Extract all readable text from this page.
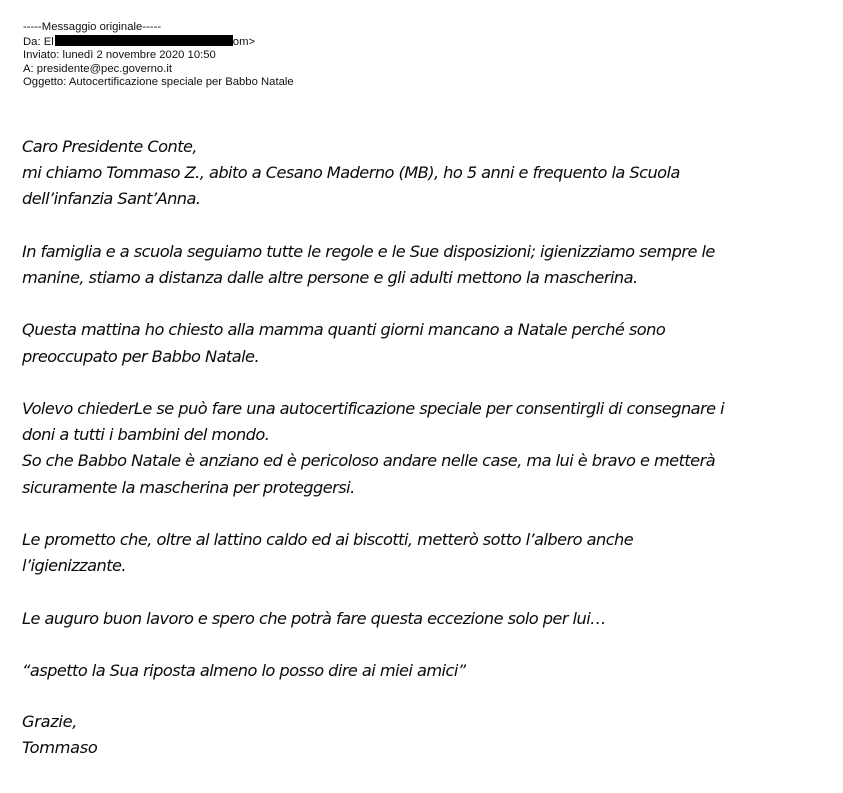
-----Messaggio originale-----
Da: El	om>
Inviato: lunedì 2 novembre 2020 10:50
A: presidente@pec.governo.it
Oggetto: Autocertificazione speciale per Babbo Natale

Caro Presidente Conte,
mi chiamo Tommaso Z., abito a Cesano Maderno (MB), ho 5 anni e frequento la Scuola
dell’infanzia Sant’Anna.

In famiglia e a scuola seguiamo tutte le regole e le Sue disposizioni; igienizziamo sempre le
manine, stiamo a distanza dalle altre persone e gli adulti mettono la mascherina.

Questa mattina ho chiesto alla mamma quanti giorni mancano a Natale perché sono
preoccupato per Babbo Natale.

Volevo chiederLe se può fare una autocertificazione speciale per consentirgli di consegnare i
doni a tutti i bambini del mondo.
So che Babbo Natale è anziano ed è pericoloso andare nelle case, ma lui è bravo e metterà
sicuramente la mascherina per proteggersi.

Le prometto che, oltre al lattino caldo ed ai biscotti, metterò sotto l’albero anche
l’igienizzante.

Le auguro buon lavoro e spero che potrà fare questa eccezione solo per lui…

“aspetto la Sua riposta almeno lo posso dire ai miei amici”

Grazie,
Tommaso
